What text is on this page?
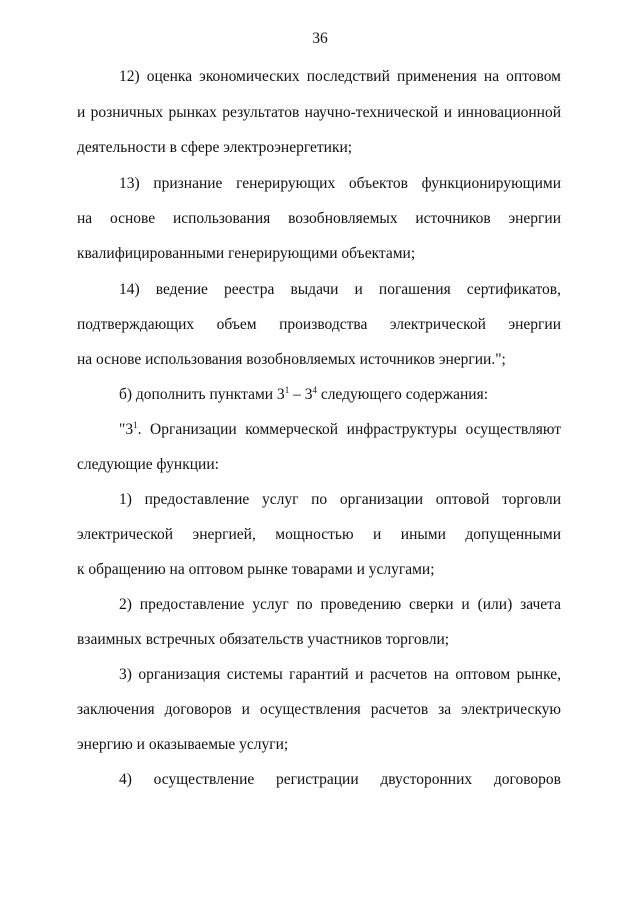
36
12) оценка экономических последствий применения на оптовом
и розничных рынках результатов научно-технической и инновационной
деятельности в сфере электроэнергетики;
13) признание генерирующих объектов функционирующими
на основе использования возобновляемых источников энергии
квалифицированными генерирующими объектами;
14) ведение реестра выдачи и погашения сертификатов,
подтверждающих объем производства электрической энергии
на основе использования возобновляемых источников энергии.";
б) дополнить пунктами $3^1 - 3^4$ следующего содержания:
"$3^1$. Организации коммерческой инфраструктуры осуществляют
следующие функции:
1) предоставление услуг по организации оптовой торговли
электрической энергией, мощностью и иными допущенными
к обращению на оптовом рынке товарами и услугами;
2) предоставление услуг по проведению сверки и (или) зачета
взаимных встречных обязательств участников торговли;
3) организация системы гарантий и расчетов на оптовом рынке,
заключения договоров и осуществления расчетов за электрическую
энергию и оказываемые услуги;
4) осуществление регистрации двусторонних договоров
